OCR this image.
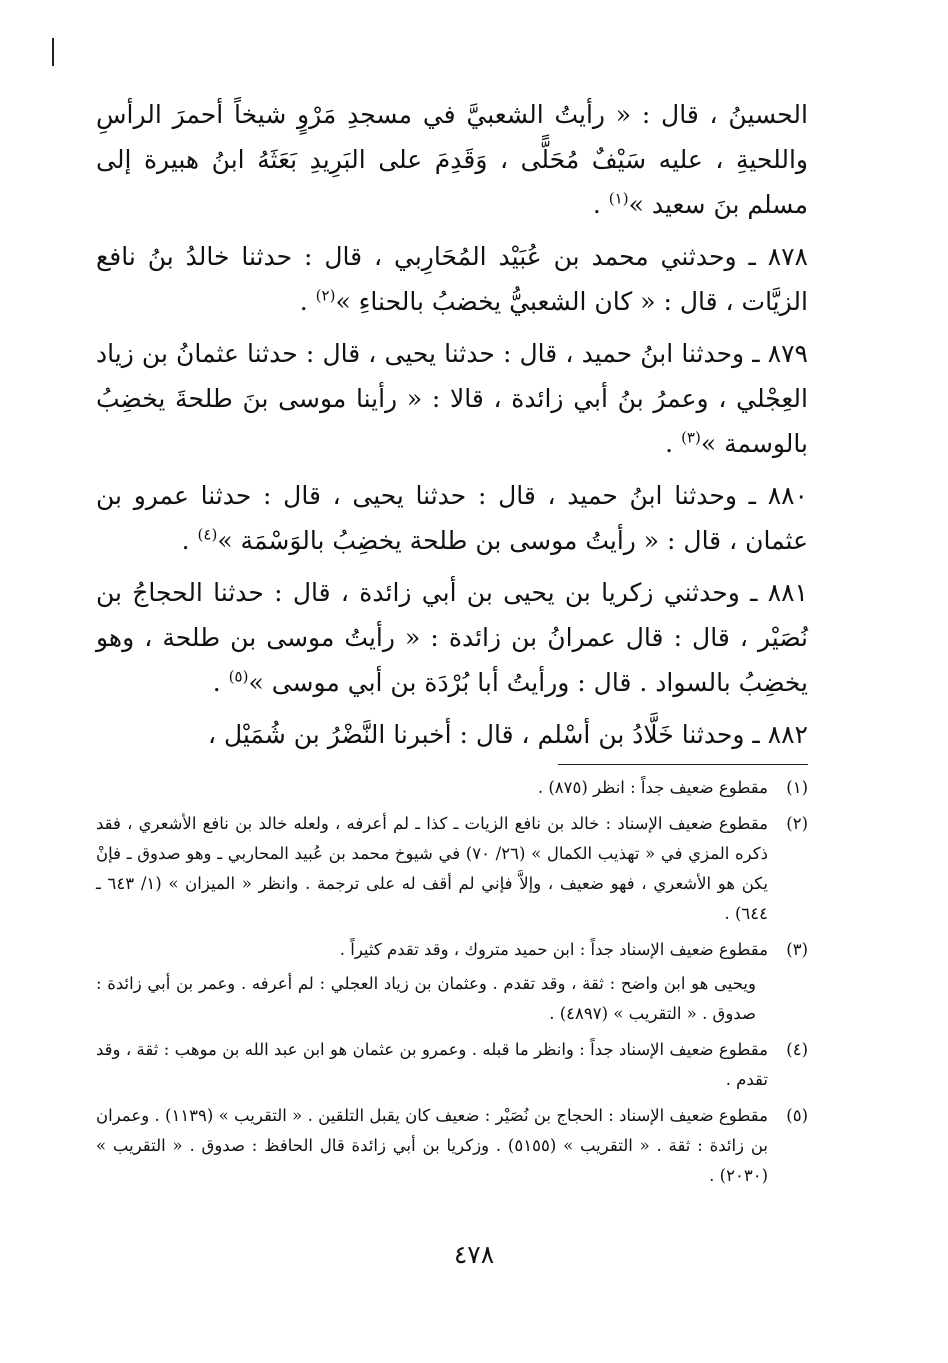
الحسينُ ، قال : « رأيتُ الشعبيَّ في مسجدِ مَرْوٍ شيخاً أحمرَ الرأسِ واللحيةِ ، عليه سَيْفٌ مُحَلًّى ، وَقَدِمَ على البَرِيدِ بَعَثَهُ ابنُ هبيرة إلى مسلم بنَ سعيد »$^{(١)}$ .

٨٧٨ ـ وحدثني محمد بن عُبَيْد المُحَارِبي ، قال : حدثنا خالدُ بنُ نافع الزيَّات ، قال : « كان الشعبيُّ يخضبُ بالحناءِ »$^{(٢)}$ .

٨٧٩ ـ وحدثنا ابنُ حميد ، قال : حدثنا يحيى ، قال : حدثنا عثمانُ بن زياد العِجْلي ، وعمرُ بنُ أبي زائدة ، قالا : « رأينا موسى بنَ طلحةَ يخضِبُ بالوسمة »$^{(٣)}$ .

٨٨٠ ـ وحدثنا ابنُ حميد ، قال : حدثنا يحيى ، قال : حدثنا عمرو بن عثمان ، قال : « رأيتُ موسى بن طلحة يخضِبُ بالوَسْمَة »$^{(٤)}$ .

٨٨١ ـ وحدثني زكريا بن يحيى بن أبي زائدة ، قال : حدثنا الحجاجُ بن نُصَيْر ، قال : قال عمرانُ بن زائدة : « رأيتُ موسى بن طلحة ، وهو يخضِبُ بالسواد . قال : ورأيتُ أبا بُرْدَة بن أبي موسى »$^{(٥)}$ .

٨٨٢ ـ وحدثنا خَلَّادُ بن أسْلم ، قال : أخبرنا النَّضْرُ بن شُمَيْل ،

(١)
مقطوع ضعيف جداً : انظر (٨٧٥) .
(٢)
مقطوع ضعيف الإسناد : خالد بن نافع الزيات ـ كذا ـ لم أعرفه ، ولعله خالد بن نافع الأشعري ، فقد ذكره المزي في « تهذيب الكمال » (٢٦/ ٧٠) في شيوخ محمد بن عُبيد المحاربي ـ وهو صدوق ـ فإنْ يكن هو الأشعري ، فهو ضعيف ، وإلاَّ فإني لم أقف له على ترجمة . وانظر « الميزان » (١/ ٦٤٣ ـ ٦٤٤) .
(٣)
مقطوع ضعيف الإسناد جداً : ابن حميد متروك ، وقد تقدم كثيراً .
ويحيى هو ابن واضح : ثقة ، وقد تقدم . وعثمان بن زياد العجلي : لم أعرفه . وعمر بن أبي زائدة : صدوق . « التقريب » (٤٨٩٧) .
(٤)
مقطوع ضعيف الإسناد جداً : وانظر ما قبله . وعمرو بن عثمان هو ابن عبد الله بن موهب : ثقة ، وقد تقدم .
(٥)
مقطوع ضعيف الإسناد : الحجاج بن نُصَيْر : ضعيف كان يقبل التلقين . « التقريب » (١١٣٩) . وعمران بن زائدة : ثقة . « التقريب » (٥١٥٥) . وزكريا بن أبي زائدة قال الحافظ : صدوق . « التقريب » (٢٠٣٠) .
٤٧٨
